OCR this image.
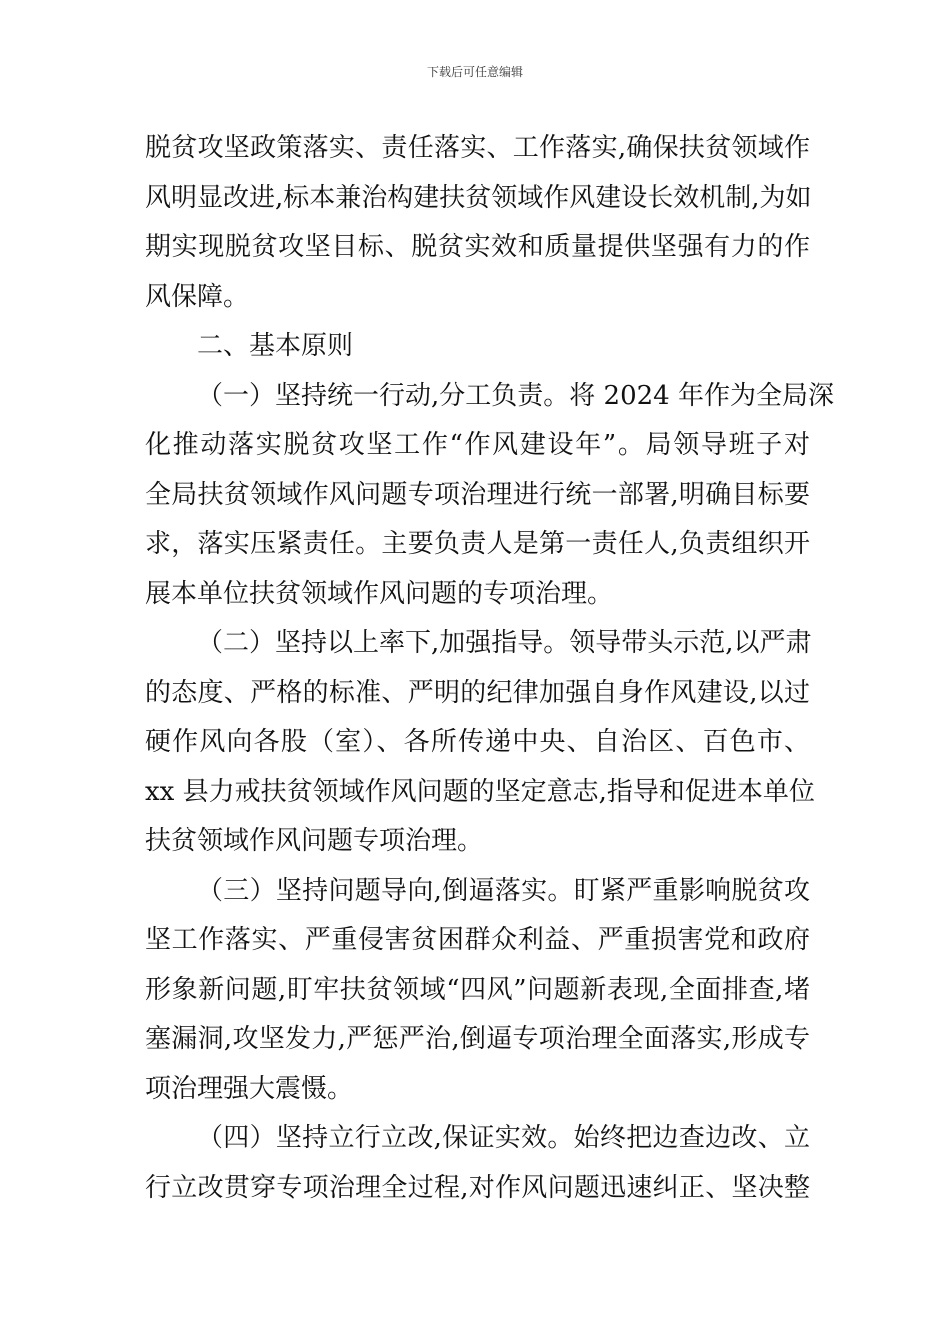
下载后可任意编辑
脱贫攻坚政策落实、责任落实、工作落实,确保扶贫领域作
风明显改进,标本兼治构建扶贫领域作风建设长效机制,为如
期实现脱贫攻坚目标、脱贫实效和质量提供坚强有力的作
风保障。
二、基本原则
（一）坚持统一行动,分工负责。将 2024 年作为全局深
化推动落实脱贫攻坚工作“作风建设年”。局领导班子对
全局扶贫领域作风问题专项治理进行统一部署,明确目标要
求，落实压紧责任。主要负责人是第一责任人,负责组织开
展本单位扶贫领域作风问题的专项治理。
（二）坚持以上率下,加强指导。领导带头示范,以严肃
的态度、严格的标准、严明的纪律加强自身作风建设,以过
硬作风向各股（室）、各所传递中央、自治区、百色市、
xx 县力戒扶贫领域作风问题的坚定意志,指导和促进本单位
扶贫领域作风问题专项治理。
（三）坚持问题导向,倒逼落实。盯紧严重影响脱贫攻
坚工作落实、严重侵害贫困群众利益、严重损害党和政府
形象新问题,盯牢扶贫领域“四风”问题新表现,全面排查,堵
塞漏洞,攻坚发力,严惩严治,倒逼专项治理全面落实,形成专
项治理强大震慑。
（四）坚持立行立改,保证实效。始终把边查边改、立
行立改贯穿专项治理全过程,对作风问题迅速纠正、坚决整
